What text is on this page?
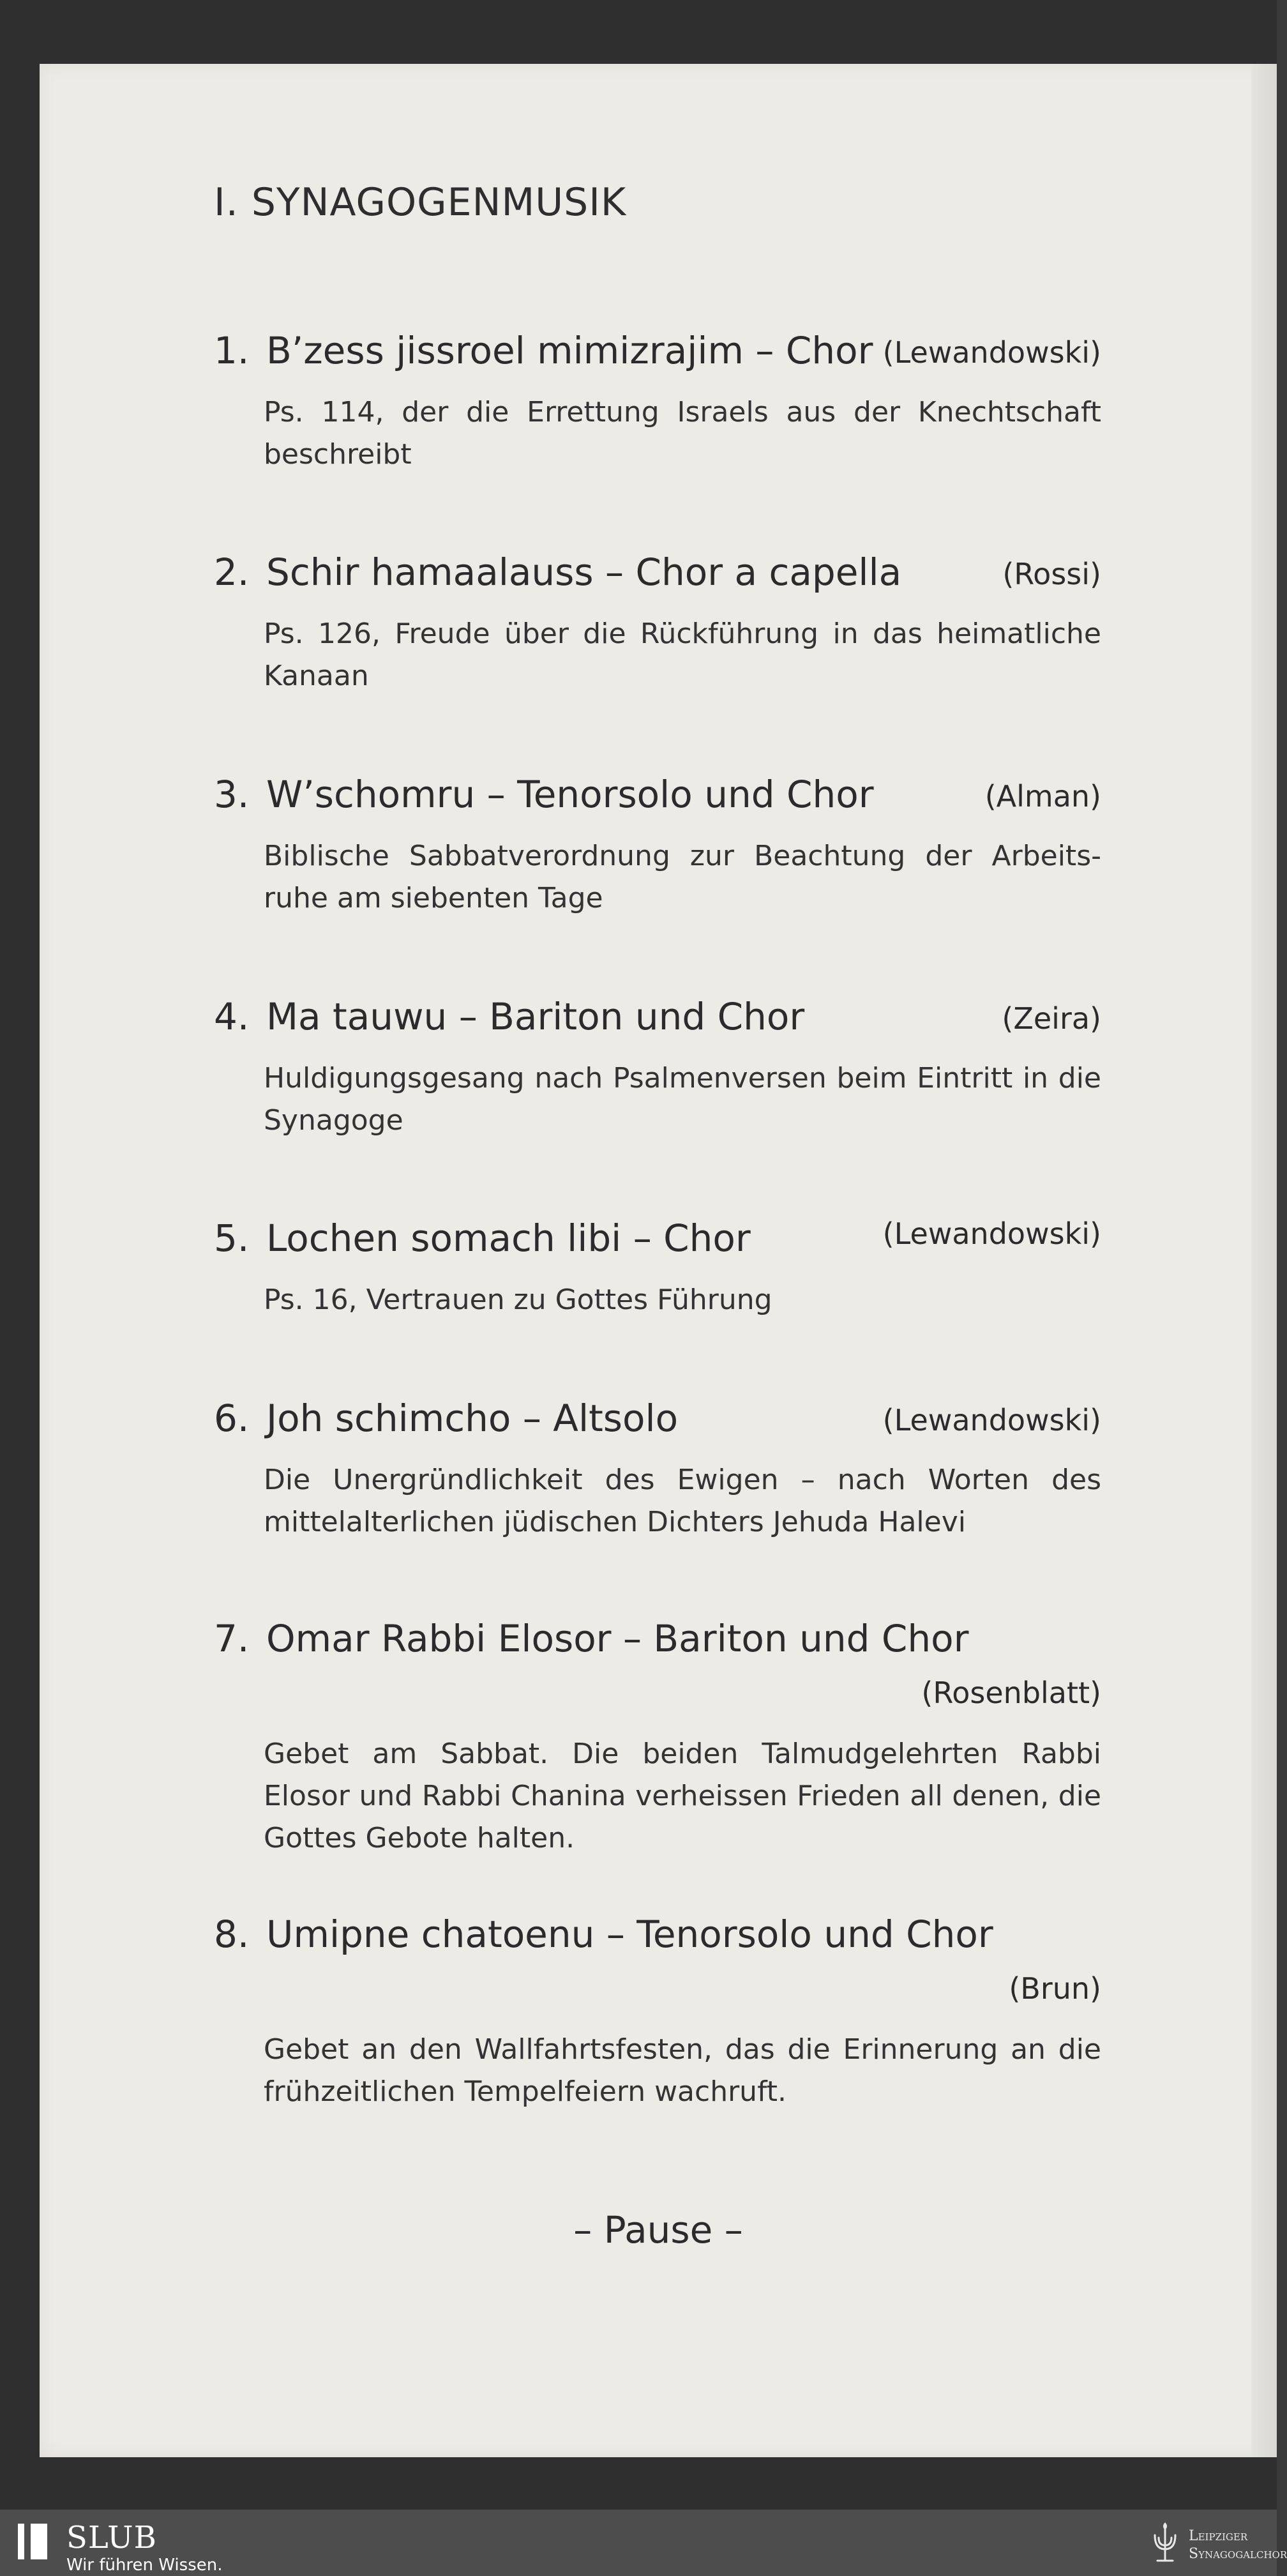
I. SYNAGOGENMUSIK
1. B’zess jissroel mimizrajim – Chor (Lewandowski)

Ps. 114, der die Errettung Israels aus der Knechtschaft beschreibt

2. Schir hamaalauss – Chor a capella	(Rossi)

Ps. 126, Freude über die Rückführung in das heimatliche Kanaan

3. W’schomru – Tenorsolo und Chor	(Alman)

Biblische Sabbatverordnung zur Beachtung der Arbeits-ruhe am siebenten Tage

4. Ma tauwu – Bariton und Chor	(Zeira)

Huldigungsgesang nach Psalmenversen beim Eintritt in die Synagoge

5. Lochen somach libi – Chor	(Lewandowski)

Ps. 16, Vertrauen zu Gottes Führung

6. Joh schimcho – Altsolo	(Lewandowski)

Die Unergründlichkeit des Ewigen – nach Worten des mittelalterlichen jüdischen Dichters Jehuda Halevi

7. Omar Rabbi Elosor – Bariton und Chor
(Rosenblatt)

Gebet am Sabbat. Die beiden Talmudgelehrten Rabbi Elosor und Rabbi Chanina verheissen Frieden all denen, die Gottes Gebote halten.

8. Umipne chatoenu – Tenorsolo und Chor
(Brun)

Gebet an den Wallfahrtsfesten, das die Erinnerung an die frühzeitlichen Tempelfeiern wachruft.

– Pause –
SLUB
Wir führen Wissen.
Leipziger
Synagogalchor
